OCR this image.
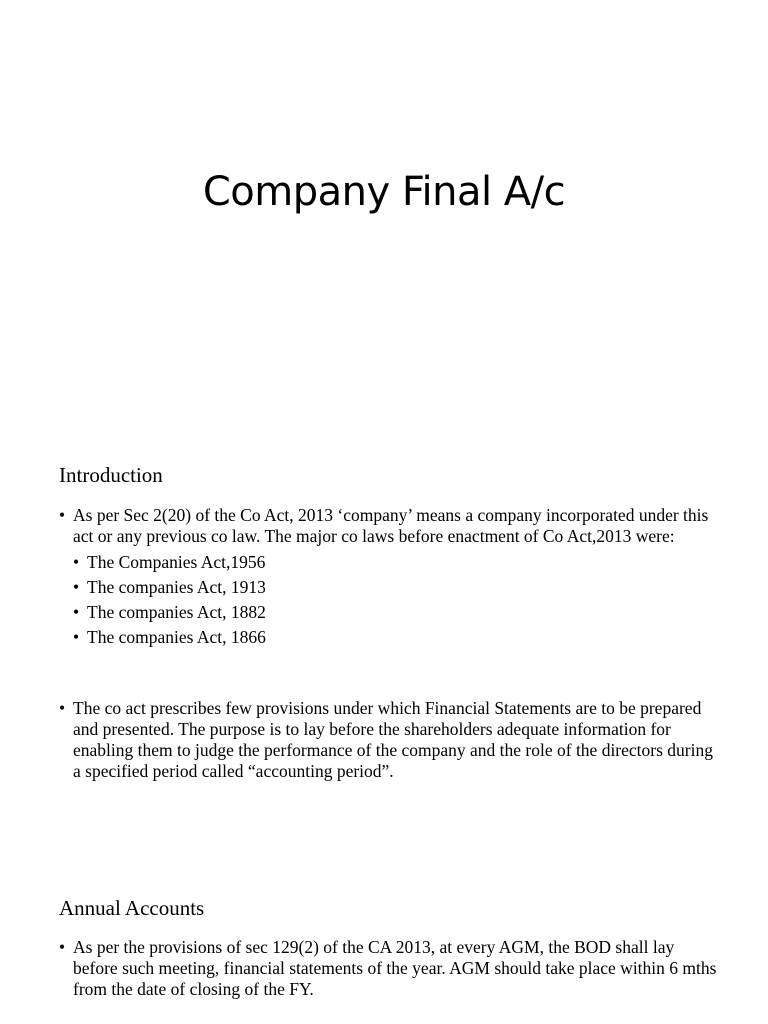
Company Final A/c
Introduction
• As per Sec 2(20) of the Co Act, 2013 ‘company’ means a company incorporated under this act or any previous co law. The major co laws before enactment of Co Act,2013 were:
• The Companies Act,1956
• The companies Act, 1913
• The companies Act, 1882
• The companies Act, 1866
• The co act prescribes few provisions under which Financial Statements are to be prepared and presented. The purpose is to lay before the shareholders adequate information for enabling them to judge the performance of the company and the role of the directors during a specified period called “accounting period”.
Annual Accounts
• As per the provisions of sec 129(2) of the CA 2013, at every AGM, the BOD shall lay before such meeting, financial statements of the year. AGM should take place within 6 mths from the date of closing of the FY.
